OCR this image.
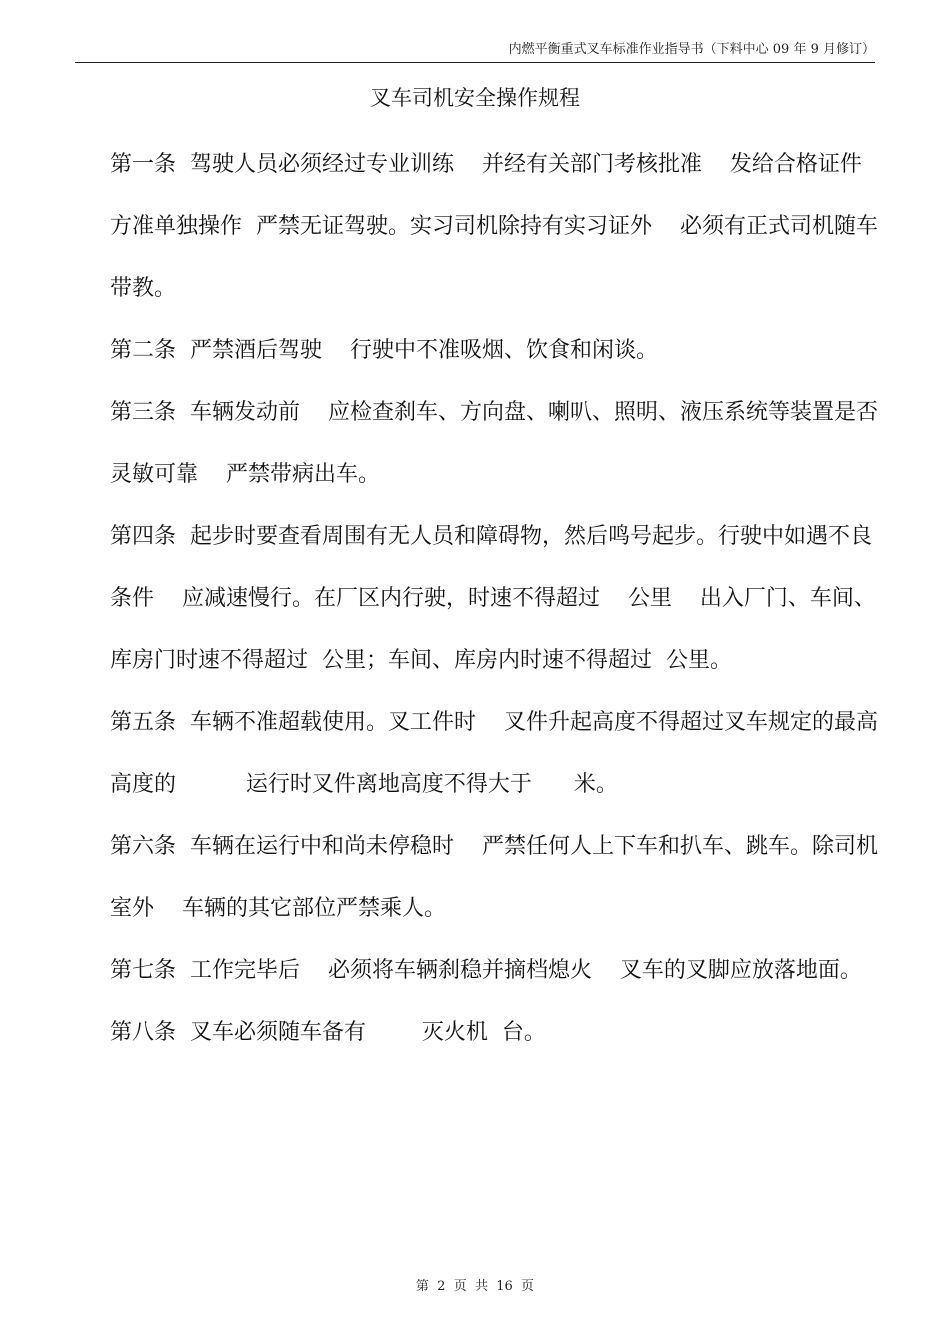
内燃平衡重式叉车标准作业指导书（下料中心 09 年 9 月修订）
叉车司机安全操作规程

第一条  驾驶人员必须经过专业训练    并经有关部门考核批准    发给合格证件

方准单独操作  严禁无证驾驶。实习司机除持有实习证外    必须有正式司机随车

带教。

第二条  严禁酒后驾驶    行驶中不准吸烟、饮食和闲谈。

第三条  车辆发动前    应检查刹车、方向盘、喇叭、照明、液压系统等装置是否

灵敏可靠    严禁带病出车。

第四条  起步时要查看周围有无人员和障碍物，然后鸣号起步。行驶中如遇不良

条件    应减速慢行。在厂区内行驶，时速不得超过    公里    出入厂门、车间、

库房门时速不得超过  公里；车间、库房内时速不得超过  公里。

第五条  车辆不准超载使用。叉工件时    叉件升起高度不得超过叉车规定的最高

高度的          运行时叉件离地高度不得大于      米。

第六条  车辆在运行中和尚未停稳时    严禁任何人上下车和扒车、跳车。除司机

室外    车辆的其它部位严禁乘人。

第七条  工作完毕后    必须将车辆刹稳并摘档熄火    叉车的叉脚应放落地面。

第八条  叉车必须随车备有        灭火机  台。

第  2  页  共  16  页
